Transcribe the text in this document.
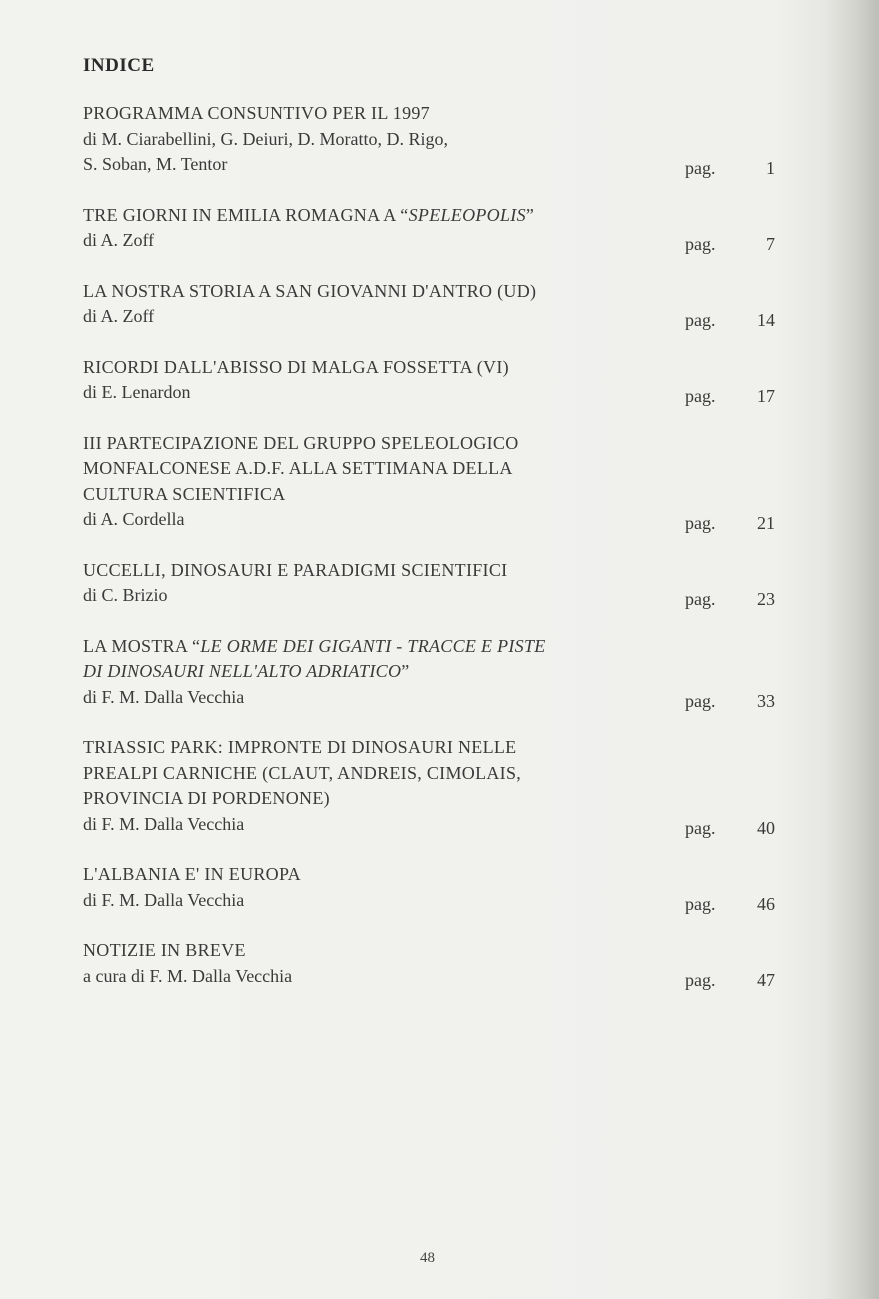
INDICE
PROGRAMMA CONSUNTIVO PER IL 1997
di M. Ciarabellini, G. Deiuri, D. Moratto, D. Rigo,
S. Soban, M. Tentor	pag.	1
TRE GIORNI IN EMILIA ROMAGNA A “SPELEOPOLIS”
di A. Zoff	pag.	7
LA NOSTRA STORIA A SAN GIOVANNI D'ANTRO (UD)
di A. Zoff	pag. 14
RICORDI DALL'ABISSO DI MALGA FOSSETTA (VI)
di E. Lenardon	pag. 17
III PARTECIPAZIONE DEL GRUPPO SPELEOLOGICO
MONFALCONESE A.D.F. ALLA SETTIMANA DELLA
CULTURA SCIENTIFICA
di A. Cordella	pag. 21
UCCELLI, DINOSAURI E PARADIGMI SCIENTIFICI
di C. Brizio	pag. 23
LA MOSTRA “LE ORME DEI GIGANTI - TRACCE E PISTE
DI DINOSAURI NELL'ALTO ADRIATICO”
di F. M. Dalla Vecchia	pag. 33
TRIASSIC PARK: IMPRONTE DI DINOSAURI NELLE
PREALPI CARNICHE (CLAUT, ANDREIS, CIMOLAIS,
PROVINCIA DI PORDENONE)
di F. M. Dalla Vecchia	pag. 40
L'ALBANIA E' IN EUROPA
di F. M. Dalla Vecchia	pag. 46
NOTIZIE IN BREVE
a cura di F. M. Dalla Vecchia	pag. 47
48
